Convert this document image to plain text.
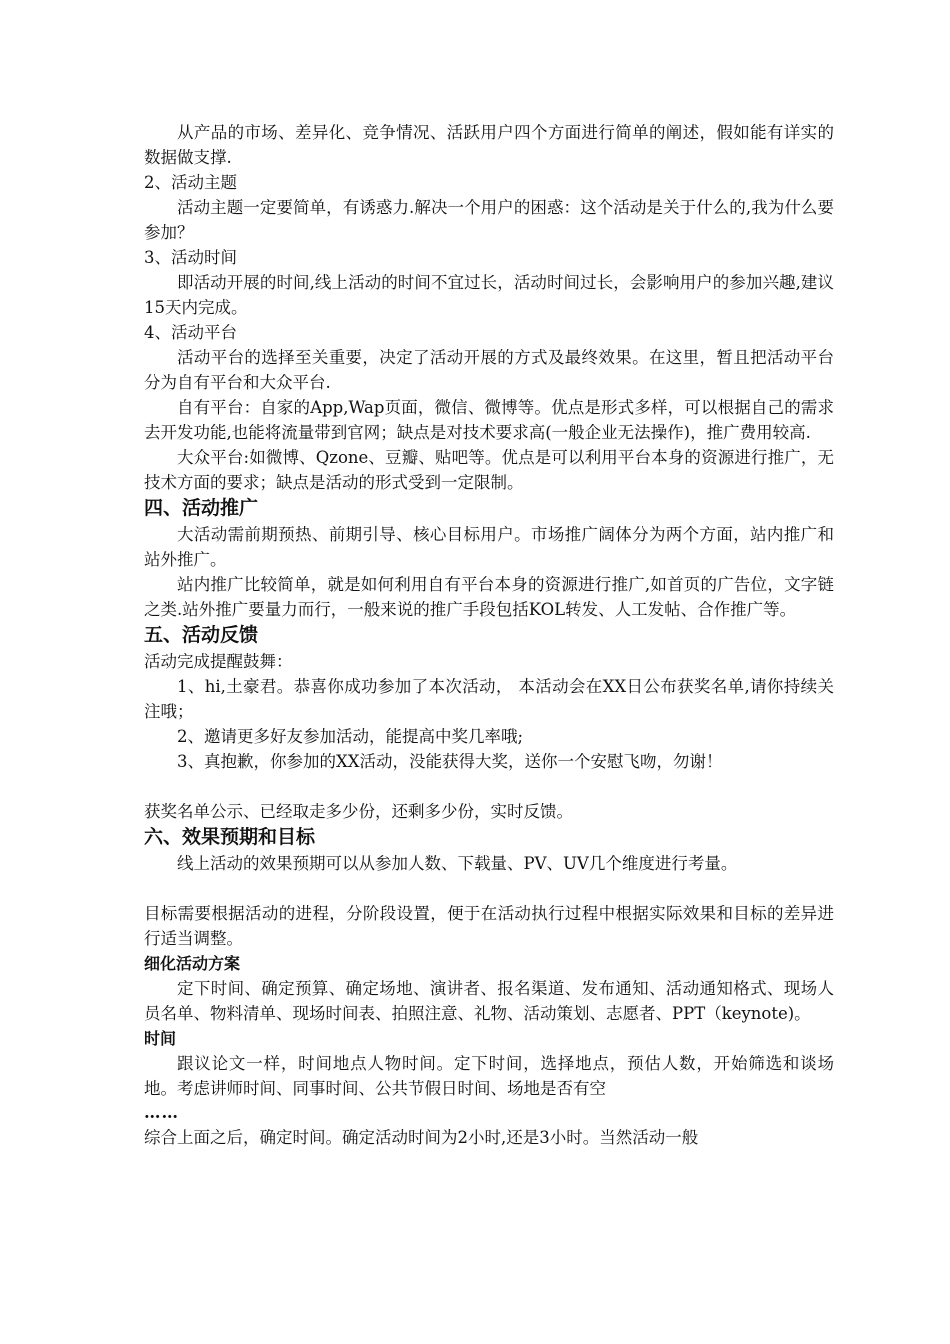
从产品的市场、差异化、竞争情况、活跃用户四个方面进行简单的阐述，假如能有详实的数据做支撑.

2、活动主题

活动主题一定要简单，有诱惑力.解决一个用户的困惑：这个活动是关于什么的,我为什么要参加？

3、活动时间

即活动开展的时间,线上活动的时间不宜过长，活动时间过长，会影响用户的参加兴趣,建议15天内完成。

4、活动平台

活动平台的选择至关重要，决定了活动开展的方式及最终效果。在这里，暂且把活动平台分为自有平台和大众平台.

自有平台：自家的App,Wap页面，微信、微博等。优点是形式多样，可以根据自己的需求去开发功能,也能将流量带到官网；缺点是对技术要求高(一般企业无法操作)，推广费用较高.

大众平台:如微博、Qzone、豆瓣、贴吧等。优点是可以利用平台本身的资源进行推广，无技术方面的要求；缺点是活动的形式受到一定限制。

四、活动推广

大活动需前期预热、前期引导、核心目标用户。市场推广阔体分为两个方面，站内推广和站外推广。

站内推广比较简单，就是如何利用自有平台本身的资源进行推广,如首页的广告位，文字链之类.站外推广要量力而行，一般来说的推广手段包括KOL转发、人工发帖、合作推广等。

五、活动反馈

活动完成提醒鼓舞：

1、hi,土豪君。恭喜你成功参加了本次活动， 本活动会在XX日公布获奖名单,请你持续关注哦；

2、邀请更多好友参加活动，能提高中奖几率哦;

3、真抱歉，你参加的XX活动，没能获得大奖，送你一个安慰飞吻，勿谢！

获奖名单公示、已经取走多少份，还剩多少份，实时反馈。

六、效果预期和目标

线上活动的效果预期可以从参加人数、下载量、PV、UV几个维度进行考量。

目标需要根据活动的进程，分阶段设置，便于在活动执行过程中根据实际效果和目标的差异进行适当调整。

细化活动方案

定下时间、确定预算、确定场地、演讲者、报名渠道、发布通知、活动通知格式、现场人员名单、物料清单、现场时间表、拍照注意、礼物、活动策划、志愿者、PPT（keynote)。

时间

跟议论文一样，时间地点人物时间。定下时间，选择地点，预估人数，开始筛选和谈场地。考虑讲师时间、同事时间、公共节假日时间、场地是否有空

……

综合上面之后，确定时间。确定活动时间为2小时,还是3小时。当然活动一般
